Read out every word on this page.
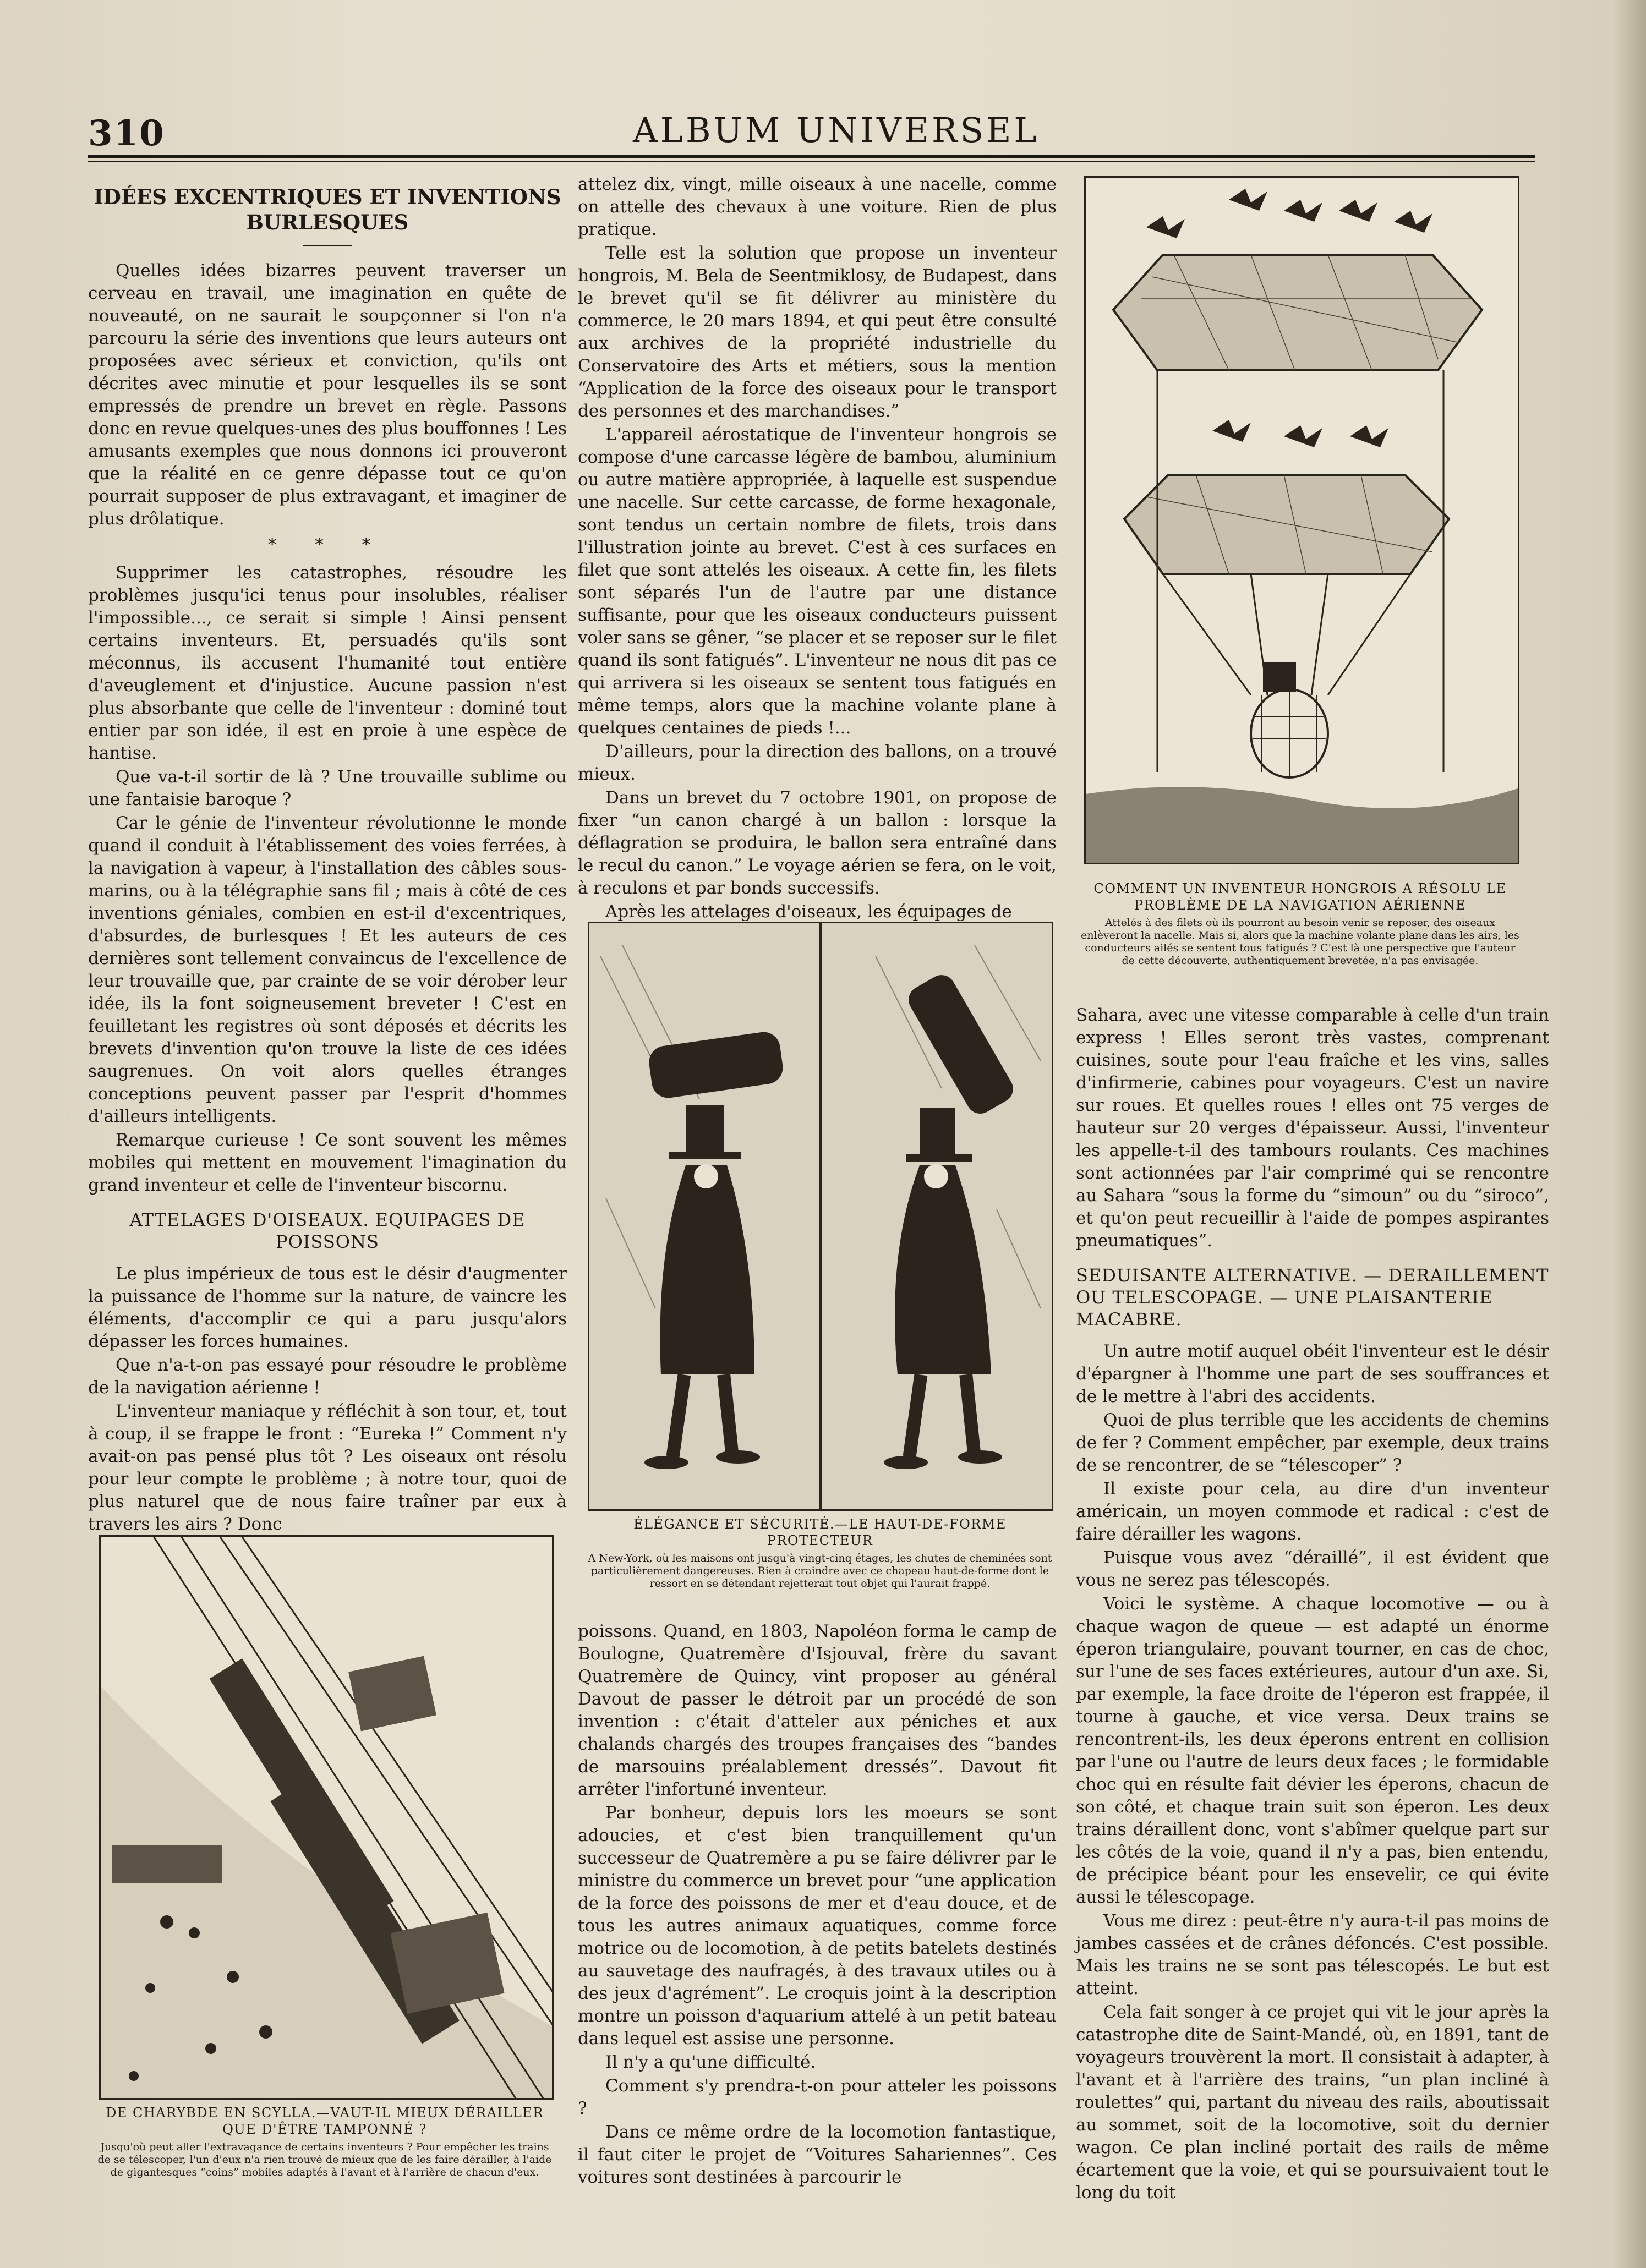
310	ALBUM UNIVERSEL
IDÉES EXCENTRIQUES ET INVENTIONS BURLESQUES

Quelles idées bizarres peuvent traverser un cerveau en travail, une imagination en quête de nouveauté, on ne saurait le soupçonner si l'on n'a parcouru la série des inventions que leurs auteurs ont proposées avec sérieux et conviction, qu'ils ont décrites avec minutie et pour lesquelles ils se sont empressés de prendre un brevet en règle. Passons donc en revue quelques-unes des plus bouffonnes ! Les amusants exemples que nous donnons ici prouveront que la réalité en ce genre dépasse tout ce qu'on pourrait supposer de plus extravagant, et imaginer de plus drôlatique.

* * *

Supprimer les catastrophes, résoudre les problèmes jusqu'ici tenus pour insolubles, réaliser l'impossible..., ce serait si simple ! Ainsi pensent certains inventeurs. Et, persuadés qu'ils sont méconnus, ils accusent l'humanité tout entière d'aveuglement et d'injustice. Aucune passion n'est plus absorbante que celle de l'inventeur : dominé tout entier par son idée, il est en proie à une espèce de hantise.

Que va-t-il sortir de là ? Une trouvaille sublime ou une fantaisie baroque ?

Car le génie de l'inventeur révolutionne le monde quand il conduit à l'établissement des voies ferrées, à la navigation à vapeur, à l'installation des câbles sous-marins, ou à la télégraphie sans fil ; mais à côté de ces inventions géniales, combien en est-il d'excentriques, d'absurdes, de burlesques ! Et les auteurs de ces dernières sont tellement convaincus de l'excellence de leur trouvaille que, par crainte de se voir dérober leur idée, ils la font soigneusement breveter ! C'est en feuilletant les registres où sont déposés et décrits les brevets d'invention qu'on trouve la liste de ces idées saugrenues. On voit alors quelles étranges conceptions peuvent passer par l'esprit d'hommes d'ailleurs intelligents.

Remarque curieuse ! Ce sont souvent les mêmes mobiles qui mettent en mouvement l'imagination du grand inventeur et celle de l'inventeur biscornu.

ATTELAGES D'OISEAUX. EQUIPAGES DE POISSONS

Le plus impérieux de tous est le désir d'augmenter la puissance de l'homme sur la nature, de vaincre les éléments, d'accomplir ce qui a paru jusqu'alors dépasser les forces humaines.

Que n'a-t-on pas essayé pour résoudre le problème de la navigation aérienne !

L'inventeur maniaque y réfléchit à son tour, et, tout à coup, il se frappe le front : “Eureka !” Comment n'y avait-on pas pensé plus tôt ? Les oiseaux ont résolu pour leur compte le problème ; à notre tour, quoi de plus naturel que de nous faire traîner par eux à travers les airs ? Donc

DE CHARYBDE EN SCYLLA.—VAUT-IL MIEUX DÉRAILLER QUE D'ÊTRE TAMPONNÉ ?
Jusqu'où peut aller l'extravagance de certains inventeurs ? Pour empêcher les trains de se télescoper, l'un d'eux n'a rien trouvé de mieux que de les faire dérailler, à l'aide de gigantesques “coins” mobiles adaptés à l'avant et à l'arrière de chacun d'eux.

attelez dix, vingt, mille oiseaux à une nacelle, comme on attelle des chevaux à une voiture. Rien de plus pratique.

Telle est la solution que propose un inventeur hongrois, M. Bela de Seentmiklosy, de Budapest, dans le brevet qu'il se fit délivrer au ministère du commerce, le 20 mars 1894, et qui peut être consulté aux archives de la propriété industrielle du Conservatoire des Arts et métiers, sous la mention “Application de la force des oiseaux pour le transport des personnes et des marchandises.”

L'appareil aérostatique de l'inventeur hongrois se compose d'une carcasse légère de bambou, aluminium ou autre matière appropriée, à laquelle est suspendue une nacelle. Sur cette carcasse, de forme hexagonale, sont tendus un certain nombre de filets, trois dans l'illustration jointe au brevet. C'est à ces surfaces en filet que sont attelés les oiseaux. A cette fin, les filets sont séparés l'un de l'autre par une distance suffisante, pour que les oiseaux conducteurs puissent voler sans se gêner, “se placer et se reposer sur le filet quand ils sont fatigués”. L'inventeur ne nous dit pas ce qui arrivera si les oiseaux se sentent tous fatigués en même temps, alors que la machine volante plane à quelques centaines de pieds !...

D'ailleurs, pour la direction des ballons, on a trouvé mieux.

Dans un brevet du 7 octobre 1901, on propose de fixer “un canon chargé à un ballon : lorsque la déflagration se produira, le ballon sera entraîné dans le recul du canon.” Le voyage aérien se fera, on le voit, à reculons et par bonds successifs.

Après les attelages d'oiseaux, les équipages de

ÉLÉGANCE ET SÉCURITÉ.—LE HAUT-DE-FORME PROTECTEUR
A New-York, où les maisons ont jusqu'à vingt-cinq étages, les chutes de cheminées sont particulièrement dangereuses. Rien à craindre avec ce chapeau haut-de-forme dont le ressort en se détendant rejetterait tout objet qui l'aurait frappé.

poissons. Quand, en 1803, Napoléon forma le camp de Boulogne, Quatremère d'Isjouval, frère du savant Quatremère de Quincy, vint proposer au général Davout de passer le détroit par un procédé de son invention : c'était d'atteler aux péniches et aux chalands chargés des troupes françaises des “bandes de marsouins préalablement dressés”. Davout fit arrêter l'infortuné inventeur.

Par bonheur, depuis lors les moeurs se sont adoucies, et c'est bien tranquillement qu'un successeur de Quatremère a pu se faire délivrer par le ministre du commerce un brevet pour “une application de la force des poissons de mer et d'eau douce, et de tous les autres animaux aquatiques, comme force motrice ou de locomotion, à de petits batelets destinés au sauvetage des naufragés, à des travaux utiles ou à des jeux d'agrément”. Le croquis joint à la description montre un poisson d'aquarium attelé à un petit bateau dans lequel est assise une personne.

Il n'y a qu'une difficulté.

Comment s'y prendra-t-on pour atteler les poissons ?

Dans ce même ordre de la locomotion fantastique, il faut citer le projet de “Voitures Sahariennes”. Ces voitures sont destinées à parcourir le

COMMENT UN INVENTEUR HONGROIS A RÉSOLU LE PROBLÈME DE LA NAVIGATION AÉRIENNE
Attelés à des filets où ils pourront au besoin venir se reposer, des oiseaux enlèveront la nacelle. Mais si, alors que la machine volante plane dans les airs, les conducteurs ailés se sentent tous fatigués ? C'est là une perspective que l'auteur de cette découverte, authentiquement brevetée, n'a pas envisagée.

Sahara, avec une vitesse comparable à celle d'un train express ! Elles seront très vastes, comprenant cuisines, soute pour l'eau fraîche et les vins, salles d'infirmerie, cabines pour voyageurs. C'est un navire sur roues. Et quelles roues ! elles ont 75 verges de hauteur sur 20 verges d'épaisseur. Aussi, l'inventeur les appelle-t-il des tambours roulants. Ces machines sont actionnées par l'air comprimé qui se rencontre au Sahara “sous la forme du “simoun” ou du “siroco”, et qu'on peut recueillir à l'aide de pompes aspirantes pneumatiques”.

SEDUISANTE ALTERNATIVE. — DERAILLEMENT OU TELESCOPAGE. — UNE PLAISANTERIE MACABRE.

Un autre motif auquel obéit l'inventeur est le désir d'épargner à l'homme une part de ses souffrances et de le mettre à l'abri des accidents.

Quoi de plus terrible que les accidents de chemins de fer ? Comment empêcher, par exemple, deux trains de se rencontrer, de se “télescoper” ?

Il existe pour cela, au dire d'un inventeur américain, un moyen commode et radical : c'est de faire dérailler les wagons.

Puisque vous avez “déraillé”, il est évident que vous ne serez pas télescopés.

Voici le système. A chaque locomotive — ou à chaque wagon de queue — est adapté un énorme éperon triangulaire, pouvant tourner, en cas de choc, sur l'une de ses faces extérieures, autour d'un axe. Si, par exemple, la face droite de l'éperon est frappée, il tourne à gauche, et vice versa. Deux trains se rencontrent-ils, les deux éperons entrent en collision par l'une ou l'autre de leurs deux faces ; le formidable choc qui en résulte fait dévier les éperons, chacun de son côté, et chaque train suit son éperon. Les deux trains déraillent donc, vont s'abîmer quelque part sur les côtés de la voie, quand il n'y a pas, bien entendu, de précipice béant pour les ensevelir, ce qui évite aussi le télescopage.

Vous me direz : peut-être n'y aura-t-il pas moins de jambes cassées et de crânes défoncés. C'est possible. Mais les trains ne se sont pas télescopés. Le but est atteint.

Cela fait songer à ce projet qui vit le jour après la catastrophe dite de Saint-Mandé, où, en 1891, tant de voyageurs trouvèrent la mort. Il consistait à adapter, à l'avant et à l'arrière des trains, “un plan incliné à roulettes” qui, partant du niveau des rails, aboutissait au sommet, soit de la locomotive, soit du dernier wagon. Ce plan incliné portait des rails de même écartement que la voie, et qui se poursuivaient tout le long du toit
